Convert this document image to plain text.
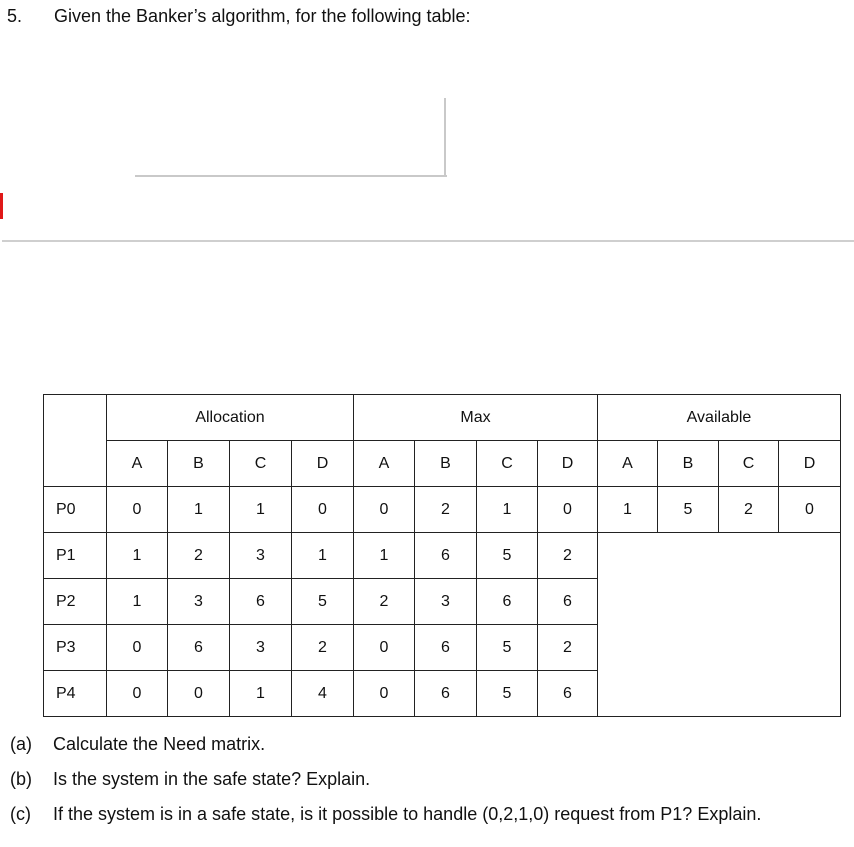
5. Given the Banker’s algorithm, for the following table:
	Allocation				Max				Available			
	A	B	C	D	A	B	C	D	A	B	C	D
P0	0	1	1	0	0	2	1	0	1	5	2	0
P1	1	2	3	1	1	6	5	2				
P2	1	3	6	5	2	3	6	6				
P3	0	6	3	2	0	6	5	2				
P4	0	0	1	4	0	6	5	6				
(a) Calculate the Need matrix.
(b) Is the system in the safe state? Explain.
(c) If the system is in a safe state, is it possible to handle (0,2,1,0) request from P1? Explain.
